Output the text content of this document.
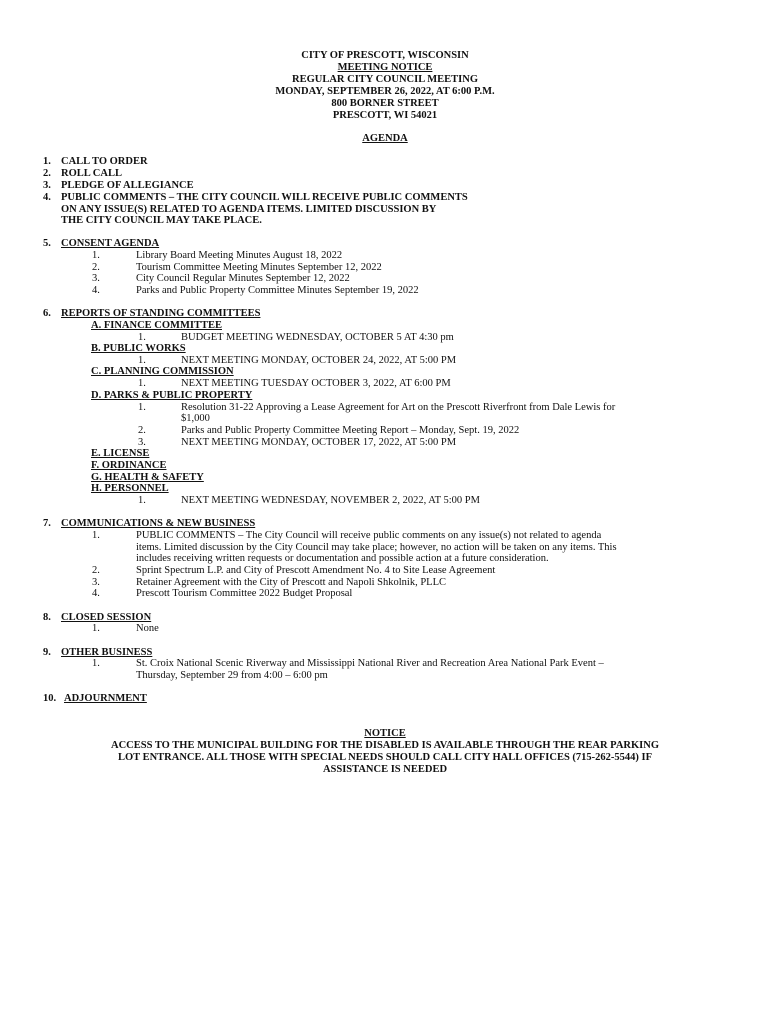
CITY OF PRESCOTT, WISCONSIN
MEETING NOTICE
REGULAR CITY COUNCIL MEETING
MONDAY, SEPTEMBER 26, 2022, AT 6:00 P.M.
800 BORNER STREET
PRESCOTT, WI 54021
AGENDA
1. CALL TO ORDER
2. ROLL CALL
3. PLEDGE OF ALLEGIANCE
4. PUBLIC COMMENTS – THE CITY COUNCIL WILL RECEIVE PUBLIC COMMENTS
ON ANY ISSUE(S) RELATED TO AGENDA ITEMS. LIMITED DISCUSSION BY
THE CITY COUNCIL MAY TAKE PLACE.
5. CONSENT AGENDA
1.	Library Board Meeting Minutes August 18, 2022
2.	Tourism Committee Meeting Minutes September 12, 2022
3.	City Council Regular Minutes September 12, 2022
4.	Parks and Public Property Committee Minutes September 19, 2022
6. REPORTS OF STANDING COMMITTEES
A. FINANCE COMMITTEE
1.	BUDGET MEETING WEDNESDAY, OCTOBER 5 AT 4:30 pm
B. PUBLIC WORKS
1.	NEXT MEETING MONDAY, OCTOBER 24, 2022, AT 5:00 PM
C. PLANNING COMMISSION
1.	NEXT MEETING TUESDAY OCTOBER 3, 2022, AT 6:00 PM
D. PARKS & PUBLIC PROPERTY
1.	Resolution 31-22 Approving a Lease Agreement for Art on the Prescott Riverfront from Dale Lewis for
$1,000
2.	Parks and Public Property Committee Meeting Report – Monday, Sept. 19, 2022
3.	NEXT MEETING MONDAY, OCTOBER 17, 2022, AT 5:00 PM
E. LICENSE
F. ORDINANCE
G. HEALTH & SAFETY
H. PERSONNEL
1.	NEXT MEETING WEDNESDAY, NOVEMBER 2, 2022, AT 5:00 PM
7. COMMUNICATIONS & NEW BUSINESS
1.	PUBLIC COMMENTS – The City Council will receive public comments on any issue(s) not related to agenda
items. Limited discussion by the City Council may take place; however, no action will be taken on any items. This
includes receiving written requests or documentation and possible action at a future consideration.
2.	Sprint Spectrum L.P. and City of Prescott Amendment No. 4 to Site Lease Agreement
3.	Retainer Agreement with the City of Prescott and Napoli Shkolnik, PLLC
4.	Prescott Tourism Committee 2022 Budget Proposal
8. CLOSED SESSION
1.	None
9. OTHER BUSINESS
1.	St. Croix National Scenic Riverway and Mississippi National River and Recreation Area National Park Event –
Thursday, September 29 from 4:00 – 6:00 pm
10. ADJOURNMENT
NOTICE
ACCESS TO THE MUNICIPAL BUILDING FOR THE DISABLED IS AVAILABLE THROUGH THE REAR PARKING
LOT ENTRANCE. ALL THOSE WITH SPECIAL NEEDS SHOULD CALL CITY HALL OFFICES (715-262-5544) IF
ASSISTANCE IS NEEDED
